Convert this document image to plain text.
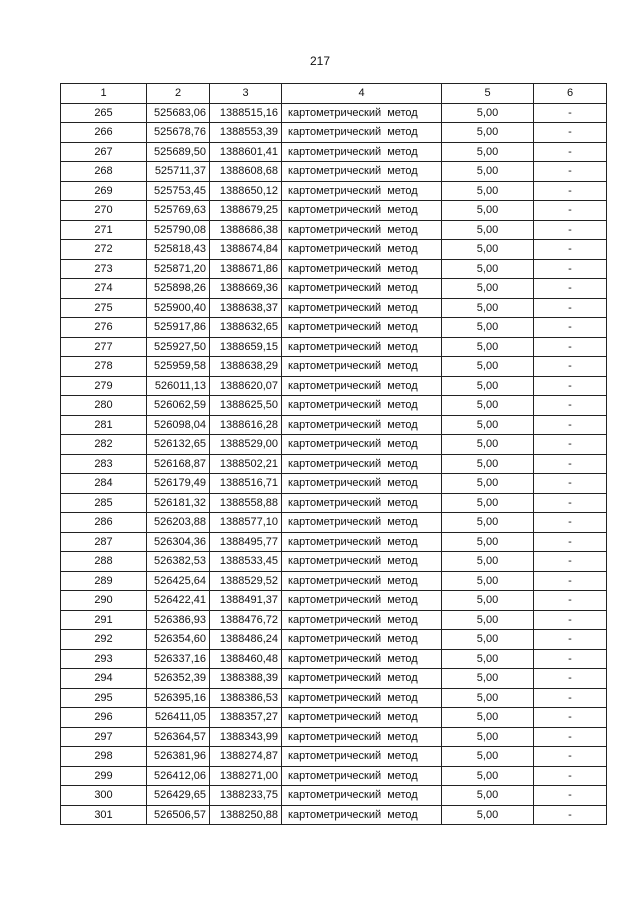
217
1	2	3	4	5	6
265	525683,06	1388515,16	картометрический метод	5,00	-
266	525678,76	1388553,39	картометрический метод	5,00	-
267	525689,50	1388601,41	картометрический метод	5,00	-
268	525711,37	1388608,68	картометрический метод	5,00	-
269	525753,45	1388650,12	картометрический метод	5,00	-
270	525769,63	1388679,25	картометрический метод	5,00	-
271	525790,08	1388686,38	картометрический метод	5,00	-
272	525818,43	1388674,84	картометрический метод	5,00	-
273	525871,20	1388671,86	картометрический метод	5,00	-
274	525898,26	1388669,36	картометрический метод	5,00	-
275	525900,40	1388638,37	картометрический метод	5,00	-
276	525917,86	1388632,65	картометрический метод	5,00	-
277	525927,50	1388659,15	картометрический метод	5,00	-
278	525959,58	1388638,29	картометрический метод	5,00	-
279	526011,13	1388620,07	картометрический метод	5,00	-
280	526062,59	1388625,50	картометрический метод	5,00	-
281	526098,04	1388616,28	картометрический метод	5,00	-
282	526132,65	1388529,00	картометрический метод	5,00	-
283	526168,87	1388502,21	картометрический метод	5,00	-
284	526179,49	1388516,71	картометрический метод	5,00	-
285	526181,32	1388558,88	картометрический метод	5,00	-
286	526203,88	1388577,10	картометрический метод	5,00	-
287	526304,36	1388495,77	картометрический метод	5,00	-
288	526382,53	1388533,45	картометрический метод	5,00	-
289	526425,64	1388529,52	картометрический метод	5,00	-
290	526422,41	1388491,37	картометрический метод	5,00	-
291	526386,93	1388476,72	картометрический метод	5,00	-
292	526354,60	1388486,24	картометрический метод	5,00	-
293	526337,16	1388460,48	картометрический метод	5,00	-
294	526352,39	1388388,39	картометрический метод	5,00	-
295	526395,16	1388386,53	картометрический метод	5,00	-
296	526411,05	1388357,27	картометрический метод	5,00	-
297	526364,57	1388343,99	картометрический метод	5,00	-
298	526381,96	1388274,87	картометрический метод	5,00	-
299	526412,06	1388271,00	картометрический метод	5,00	-
300	526429,65	1388233,75	картометрический метод	5,00	-
301	526506,57	1388250,88	картометрический метод	5,00	-
